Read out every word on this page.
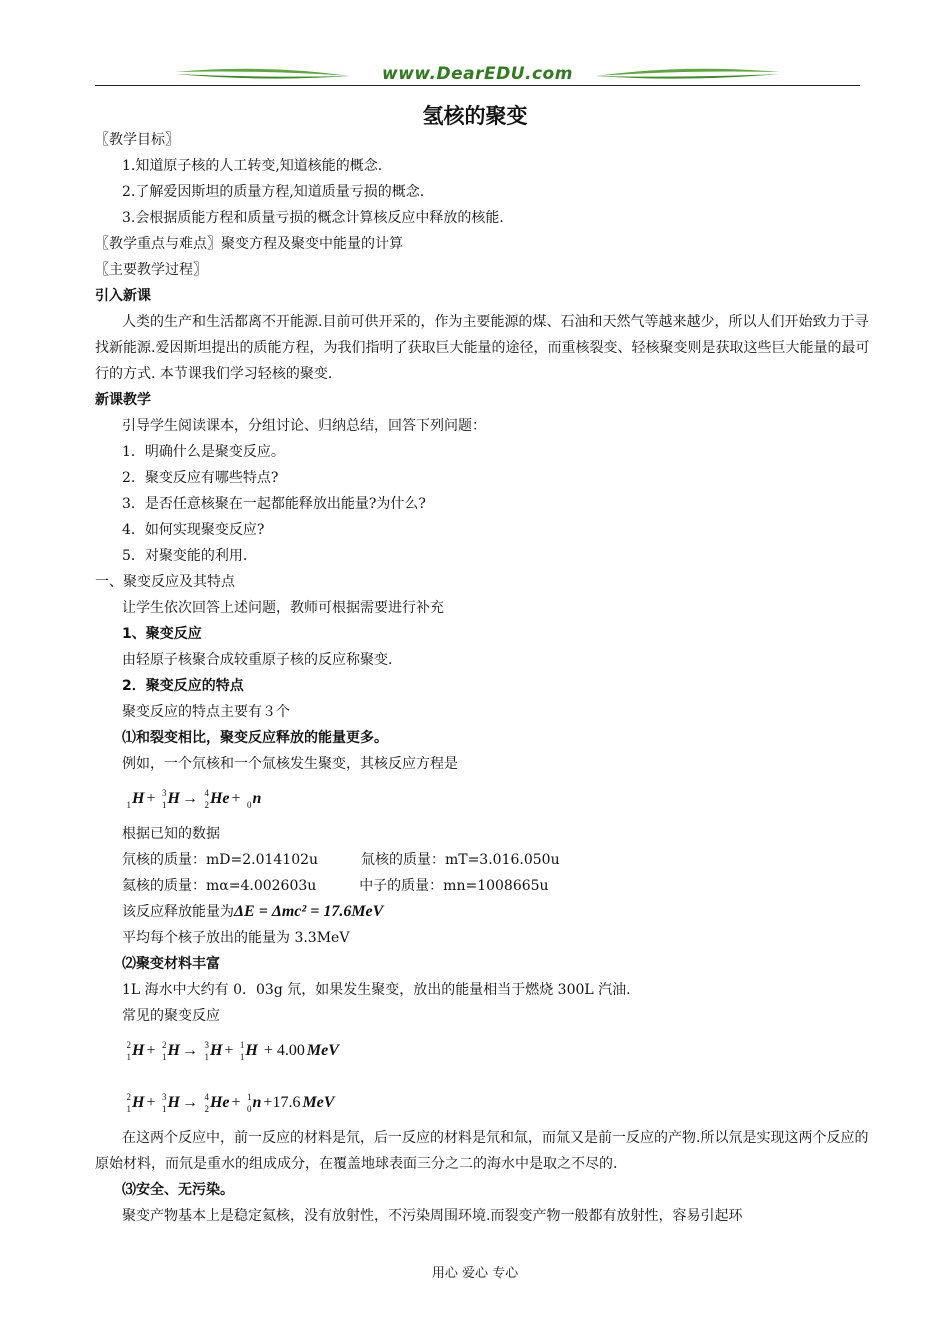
www.DearEDU.com
氢核的聚变

〖教学目标〗

1.知道原子核的人工转变,知道核能的概念.

2.了解爱因斯坦的质量方程,知道质量亏损的概念.

3.会根据质能方程和质量亏损的概念计算核反应中释放的核能.

〖教学重点与难点〗聚变方程及聚变中能量的计算

〖主要教学过程〗

引入新课

人类的生产和生活都离不开能源.目前可供开采的，作为主要能源的煤、石油和天然气等越来越少，所以人们开始致力于寻找新能源.爱因斯坦提出的质能方程，为我们指明了获取巨大能量的途径，而重核裂变、轻核聚变则是获取这些巨大能量的最可行的方式. 本节课我们学习轻核的聚变.

新课教学

引导学生阅读课本，分组讨论、归纳总结，回答下列问题：

1．明确什么是聚变反应。

2．聚变反应有哪些特点?

3．是否任意核聚在一起都能释放出能量?为什么?

4．如何实现聚变反应?

5．对聚变能的利用.

一、聚变反应及其特点

让学生依次回答上述问题，教师可根据需要进行补充

1、聚变反应

由轻原子核聚合成较重原子核的反应称聚变.

2．聚变反应的特点

聚变反应的特点主要有３个

⑴和裂变相比，聚变反应释放的能量更多。

例如，一个氘核和一个氚核发生聚变，其核反应方程是

1 H + 3
1 H → 4
2 He + 0 n

根据已知的数据

氘核的质量：mD=2.014102u	氚核的质量：mT=3.016.050u

氦核的质量：mα=4.002603u	中子的质量：mn=1008665u

该反应释放能量为ΔE = Δmc² = 17.6MeV

平均每个核子放出的能量为 3.3MeV

⑵聚变材料丰富

1L 海水中大约有 0．03g 氘，如果发生聚变，放出的能量相当于燃烧 300L 汽油.

常见的聚变反应

2
1 H + 2
1 H → 3
1 H + 1
1 H + 4.00 MeV

2
1 H + 3
1 H → 4
2 He + 1
0 n +17.6 MeV

在这两个反应中，前一反应的材料是氘，后一反应的材料是氘和氚，而氚又是前一反应的产物.所以氘是实现这两个反应的原始材料，而氘是重水的组成成分，在覆盖地球表面三分之二的海水中是取之不尽的.

⑶安全、无污染。

聚变产物基本上是稳定氦核，没有放射性，不污染周围环境.而裂变产物一般都有放射性，容易引起环

用心 爱心 专心
